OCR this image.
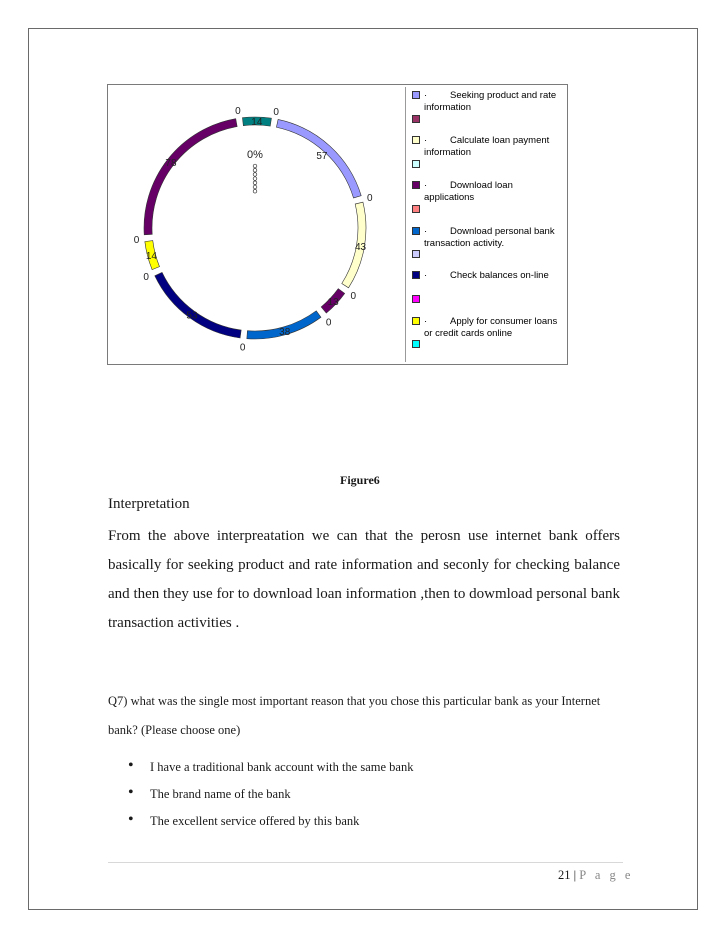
57
43
13
38
53
14
78
14
0
0
0
0
0
0
0	0
0%
· Seeking product and rate information
· Calculate loan payment information
· Download loan applications
· Download personal bank transaction activity.
· Check balances on-line
· Apply for consumer loans or credit cards online
Figure6
Interpretation
From the above interpreatation we can that the perosn use internet bank offers basically for seeking product and rate information and seconly for checking balance and then they use for to download loan information ,then to dowmload personal bank transaction activities .
Q7) what was the single most important reason that you chose this particular bank as your Internet bank? (Please choose one)
• I have a traditional bank account with the same bank
• The brand name of the bank
• The excellent service offered by this bank
21 | P a g e
